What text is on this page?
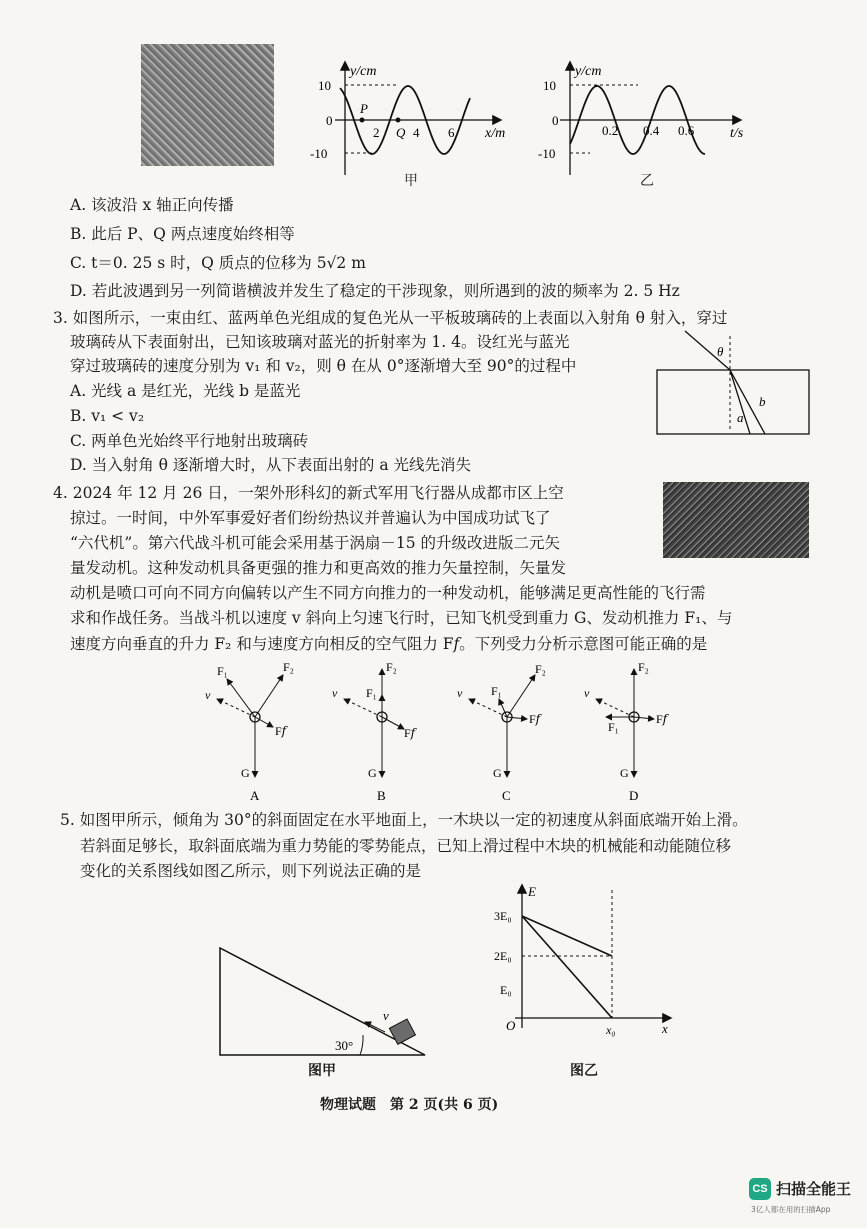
y/cm
x/m
10
0
-10
2	4 6
P
Q
甲
y/cm
t/s
10
0
-10
0.2 0.4 0.6
乙
A. 该波沿 x 轴正向传播
B. 此后 P、Q 两点速度始终相等
C. t＝0. 25 s 时，Q 质点的位移为 5√2 m
D. 若此波遇到另一列简谐横波并发生了稳定的干涉现象，则所遇到的波的频率为 2. 5 Hz
3. 如图所示，一束由红、蓝两单色光组成的复色光从一平板玻璃砖的上表面以入射角 θ 射入，穿过
玻璃砖从下表面射出，已知该玻璃对蓝光的折射率为 1. 4。设红光与蓝光
穿过玻璃砖的速度分别为 v₁ 和 v₂，则 θ 在从 0°逐渐增大至 90°的过程中
A. 光线 a 是红光，光线 b 是蓝光
B. v₁ < v₂
C. 两单色光始终平行地射出玻璃砖
D. 当入射角 θ 逐渐增大时，从下表面出射的 a 光线先消失
θ
a
b
4. 2024 年 12 月 26 日，一架外形科幻的新式军用飞行器从成都市区上空
掠过。一时间，中外军事爱好者们纷纷热议并普遍认为中国成功试飞了
“六代机”。第六代战斗机可能会采用基于涡扇－15 的升级改进版二元矢
量发动机。这种发动机具备更强的推力和更高效的推力矢量控制，矢量发
动机是喷口可向不同方向偏转以产生不同方向推力的一种发动机，能够满足更高性能的飞行需
求和作战任务。当战斗机以速度 v 斜向上匀速飞行时，已知飞机受到重力 G、发动机推力 F₁、与
速度方向垂直的升力 F₂ 和与速度方向相反的空气阻力 F𝑓。下列受力分析示意图可能正确的是
F₁	F₂
v
F𝑓
G
A
F₂
F₁
v
F𝑓
G
B
F₂
F₁
v
F𝑓
G
C
F₂
F₁
v
F𝑓
G
D
5. 如图甲所示，倾角为 30°的斜面固定在水平地面上，一木块以一定的初速度从斜面底端开始上滑。
若斜面足够长，取斜面底端为重力势能的零势能点，已知上滑过程中木块的机械能和动能随位移
变化的关系图线如图乙所示，则下列说法正确的是
v
30°
图甲
E
x
3E₀
2E₀
E₀
O	x₀
图乙
物理试题　第 2 页(共 6 页)
CS 扫描全能王
3亿人都在用的扫描App
